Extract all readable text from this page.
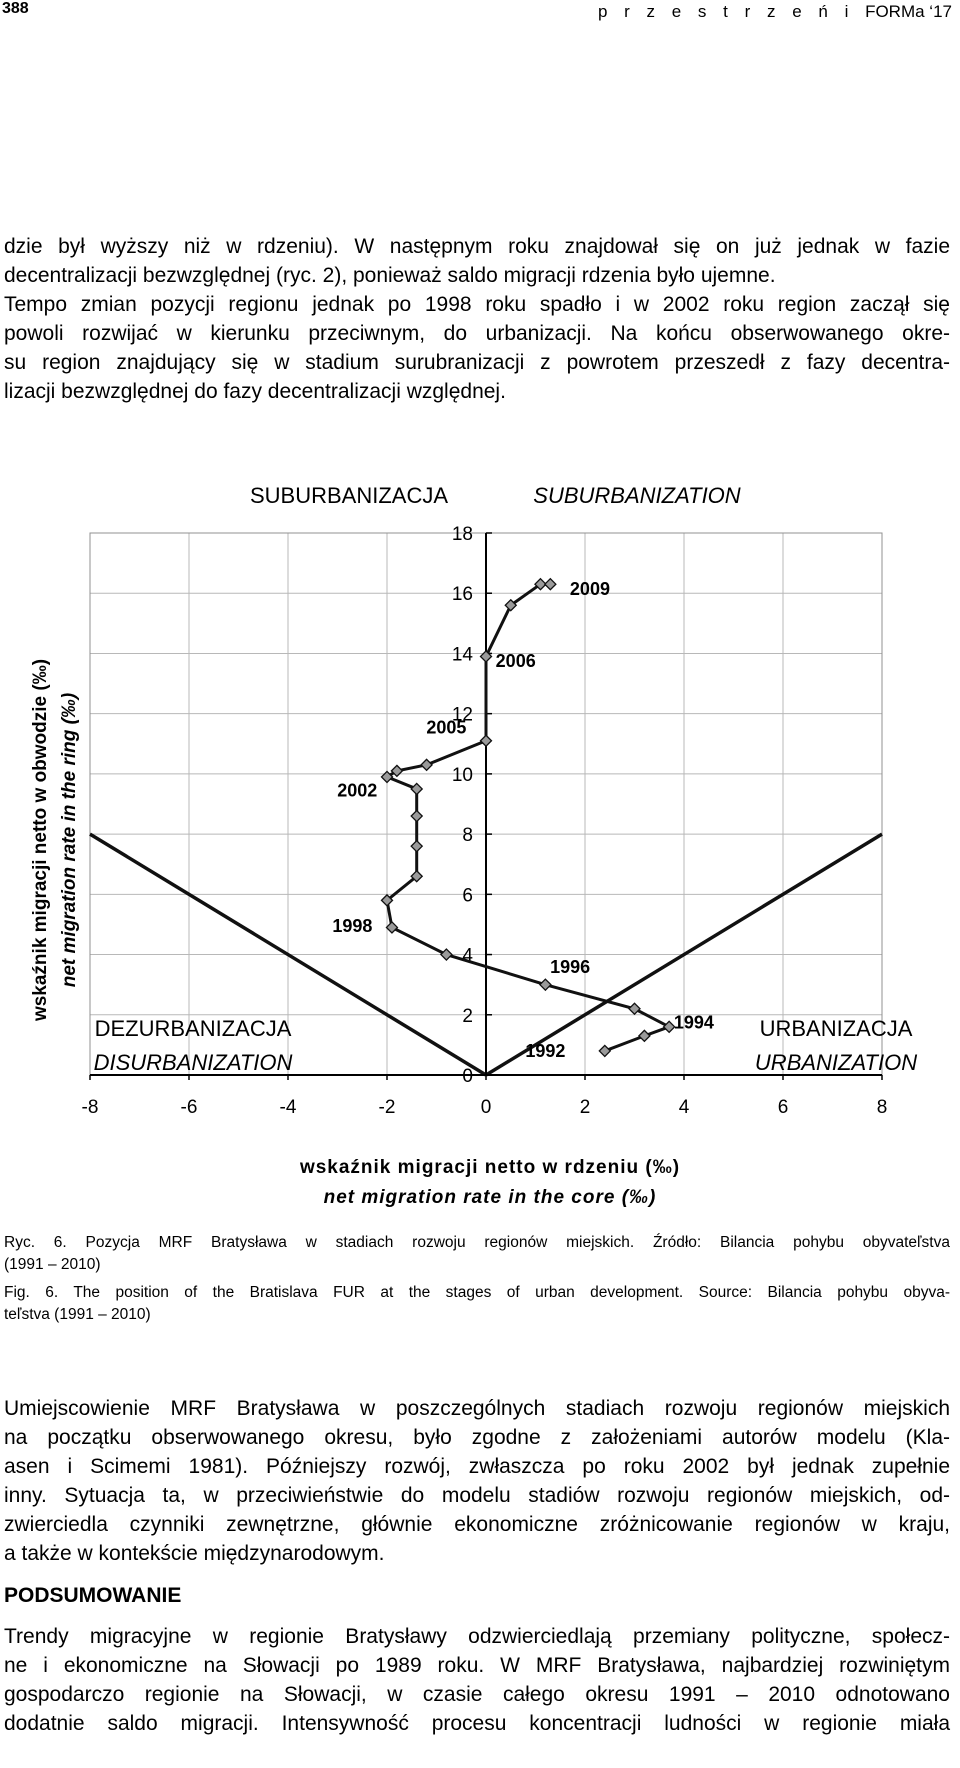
388	p r z e s t r z e ń i FORMa ‘17
dzie był wyższy niż w rdzeniu). W następnym roku znajdował się on już jednak w fazie
decentralizacji bezwzględnej (ryc. 2), ponieważ saldo migracji rdzenia było ujemne.
Tempo zmian pozycji regionu jednak po 1998 roku spadło i w 2002 roku region zaczął się
powoli rozwijać w kierunku przeciwnym, do urbanizacji. Na końcu obserwowanego okre-
su region znajdujący się w stadium surubranizacji z powrotem przeszedł z fazy decentra-
lizacji bezwzględnej do fazy decentralizacji względnej.
-8	-6	-4	-2	0	2	4	6	8
0
2
4
6
8
10
12
14
16
18
1992
1994
1996
1998
2002
2005
2006
2009
SUBURBANIZACJA	SUBURBANIZATION
DEZURBANIZACJA
DISURBANIZATION
URBANIZACJA
URBANIZATION
wskaźnik migracji netto w rdzeniu (‰)
net migration rate in the core (‰)
wskaźnik migracji netto w obwodzie (‰) net migration rate in the ring (‰)
Ryc. 6. Pozycja MRF Bratysława w stadiach rozwoju regionów miejskich. Źródło: Bilancia pohybu obyvateľstva
(1991 – 2010)
Fig. 6. The position of the Bratislava FUR at the stages of urban development. Source: Bilancia pohybu obyva-
teľstva (1991 – 2010)
Umiejscowienie MRF Bratysława w poszczególnych stadiach rozwoju regionów miejskich
na początku obserwowanego okresu, było zgodne z założeniami autorów modelu (Kla-
asen i Scimemi 1981). Późniejszy rozwój, zwłaszcza po roku 2002 był jednak zupełnie
inny. Sytuacja ta, w przeciwieństwie do modelu stadiów rozwoju regionów miejskich, od-
zwierciedla czynniki zewnętrzne, głównie ekonomiczne zróżnicowanie regionów w kraju,
a także w kontekście międzynarodowym.
PODSUMOWANIE
Trendy migracyjne w regionie Bratysławy odzwierciedlają przemiany polityczne, społecz-
ne i ekonomiczne na Słowacji po 1989 roku. W MRF Bratysława, najbardziej rozwiniętym
gospodarczo regionie na Słowacji, w czasie całego okresu 1991 – 2010 odnotowano
dodatnie saldo migracji. Intensywność procesu koncentracji ludności w regionie miała
